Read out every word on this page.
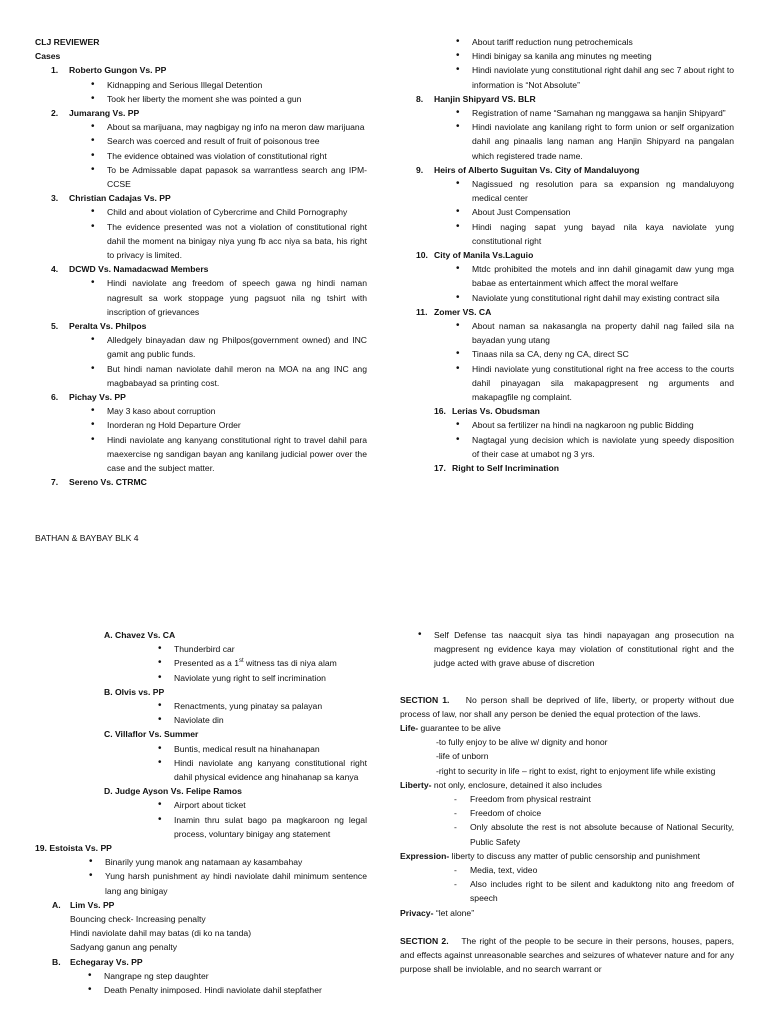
CLJ REVIEWER

Cases

1. Roberto Gungon Vs. PP
• Kidnapping and Serious Illegal Detention
• Took her liberty the moment she was pointed a gun
2. Jumarang Vs. PP
• About sa marijuana, may nagbigay ng info na meron daw marijuana
• Search was coerced and result of fruit of poisonous tree
• The evidence obtained was violation of constitutional right
• To be Admissable dapat papasok sa warrantless search ang IPM-CCSE
3. Christian Cadajas Vs. PP
• Child and about violation of Cybercrime and Child Pornography
• The evidence presented was not a violation of constitutional right dahil the moment na binigay niya yung fb acc niya sa bata, his right to privacy is limited.
4. DCWD Vs. Namadacwad Members
• Hindi naviolate ang freedom of speech gawa ng hindi naman nagresult sa work stoppage yung pagsuot nila ng tshirt with inscription of grievances
5. Peralta Vs. Philpos
• Alledgely binayadan daw ng Philpos(government owned) and INC gamit ang public funds.
• But hindi naman naviolate dahil meron na MOA na ang INC ang magbabayad sa printing cost.
6. Pichay Vs. PP
• May 3 kaso about corruption
• Inorderan ng Hold Departure Order
• Hindi naviolate ang kanyang constitutional right to travel dahil para maexercise ng sandigan bayan ang kanilang judicial power over the case and the subject matter.
7. Sereno Vs. CTRMC
• About tariff reduction nung petrochemicals
• Hindi binigay sa kanila ang minutes ng meeting
• Hindi naviolate yung constitutional right dahil ang sec 7 about right to information is “Not Absolute”
8. Hanjin Shipyard VS. BLR
• Registration of name “Samahan ng manggawa sa hanjin Shipyard”
• Hindi naviolate ang kanilang right to form union or self organization dahil ang pinaalis lang naman ang Hanjin Shipyard na pangalan which registered trade name.
9. Heirs of Alberto Suguitan Vs. City of Mandaluyong
• Nagissued ng resolution para sa expansion ng mandaluyong medical center
• About Just Compensation
• Hindi naging sapat yung bayad nila kaya naviolate yung constitutional right
10. City of Manila Vs.Laguio
• Mtdc prohibited the motels and inn dahil ginagamit daw yung mga babae as entertainment which affect the moral welfare
• Naviolate yung constitutional right dahil may existing contract sila
11. Zomer VS. CA
• About naman sa nakasangla na property dahil nag failed sila na bayadan yung utang
• Tinaas nila sa CA, deny ng CA, direct SC
• Hindi naviolate yung constitutional right na free access to the courts dahil pinayagan sila makapagpresent ng arguments and makapagfile ng complaint.
16. Lerias Vs. Obudsman
• About sa fertilizer na hindi na nagkaroon ng public Bidding
• Nagtagal yung decision which is naviolate yung speedy disposition of their case at umabot ng 3 yrs.
17. Right to Self Incrimination

BATHAN & BAYBAY BLK 4

A. Chavez Vs. CA
• Thunderbird car
• Presented as a 1st witness tas di niya alam
• Naviolate yung right to self incrimination
B. Olvis vs. PP
• Renactments, yung pinatay sa palayan
• Naviolate din
C. Villaflor Vs. Summer
• Buntis, medical result na hinahanapan
• Hindi naviolate ang kanyang constitutional right dahil physical evidence ang hinahanap sa kanya
D. Judge Ayson Vs. Felipe Ramos
• Airport about ticket
• Inamin thru sulat bago pa magkaroon ng legal process, voluntary binigay ang statement
19. Estoista Vs. PP
• Binarily yung manok ang natamaan ay kasambahay
• Yung harsh punishment ay hindi naviolate dahil minimum sentence lang ang binigay
A. Lim Vs. PP
Bouncing check- Increasing penalty
Hindi naviolate dahil may batas (di ko na tanda)
Sadyang ganun ang penalty
B. Echegaray Vs. PP
• Nangrape ng step daughter
• Death Penalty inimposed. Hindi naviolate dahil stepfather
• Self Defense tas naacquit siya tas hindi napayagan ang prosecution na magpresent ng evidence kaya may violation of constitutional right and the judge acted with grave abuse of discretion

SECTION 1. No person shall be deprived of life, liberty, or property without due process of law, nor shall any person be denied the equal protection of the laws.

Life- guarantee to be alive

-to fully enjoy to be alive w/ dignity and honor
-life of unborn
-right to security in life – right to exist, right to enjoyment life while existing

Liberty- not only, enclosure, detained it also includes

- Freedom from physical restraint
- Freedom of choice
- Only absolute the rest is not absolute because of National Security, Public Safety

Expression- liberty to discuss any matter of public censorship and punishment

- Media, text, video
- Also includes right to be silent and kaduktong nito ang freedom of speech

Privacy- “let alone”

SECTION 2. The right of the people to be secure in their persons, houses, papers, and effects against unreasonable searches and seizures of whatever nature and for any purpose shall be inviolable, and no search warrant or
